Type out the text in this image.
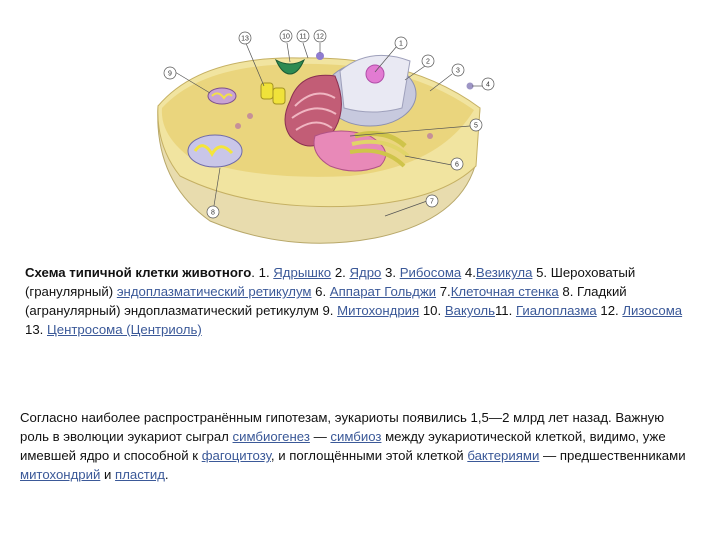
1
2
3
4
5
6
7
8
9
10 11 12
13
Схема типичной клетки животного. 1. Ядрышко 2. Ядро 3. Рибосома 4.Везикула 5. Шероховатый (гранулярный) эндоплазматический ретикулум 6. Аппарат Гольджи 7.Клеточная стенка 8. Гладкий (агранулярный) эндоплазматический ретикулум 9. Митохондрия 10. Вакуоль11. Гиалоплазма 12. Лизосома 13. Центросома (Центриоль)
Согласно наиболее распространённым гипотезам, эукариоты появились 1,5—2 млрд лет назад. Важную роль в эволюции эукариот сыграл симбиогенез — симбиоз между эукариотической клеткой, видимо, уже имевшей ядро и способной к фагоцитозу, и поглощёнными этой клеткой бактериями — предшественниками митохондрий и пластид.
